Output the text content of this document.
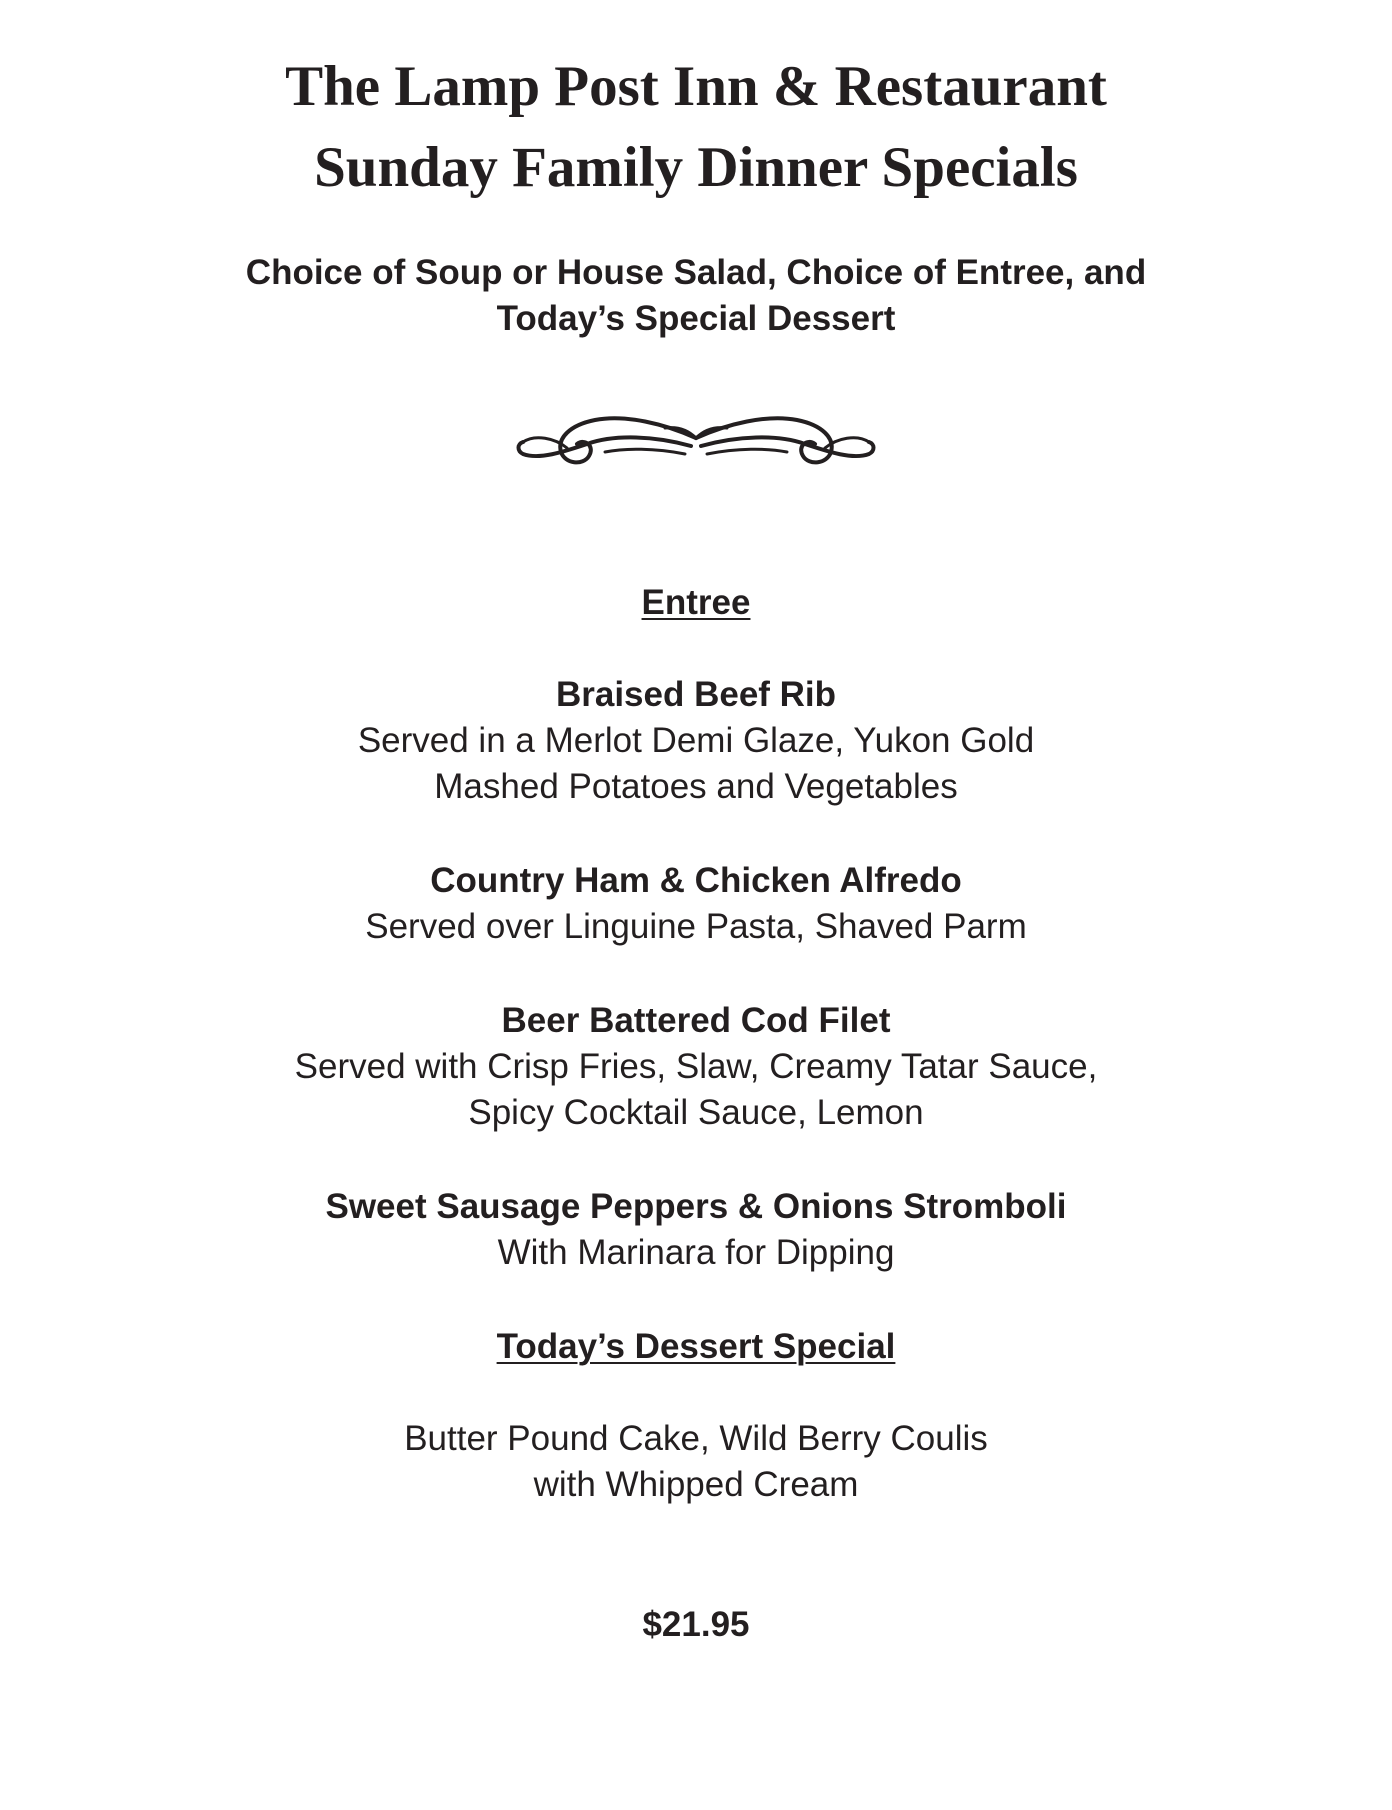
The Lamp Post Inn & Restaurant
Sunday Family Dinner Specials
Choice of Soup or House Salad, Choice of Entree, and
Today’s Special Dessert
Entree
Braised Beef Rib
Served in a Merlot Demi Glaze, Yukon Gold
Mashed Potatoes and Vegetables
Country Ham & Chicken Alfredo
Served over Linguine Pasta, Shaved Parm
Beer Battered Cod Filet
Served with Crisp Fries, Slaw, Creamy Tatar Sauce,
Spicy Cocktail Sauce, Lemon
Sweet Sausage Peppers & Onions Stromboli
With Marinara for Dipping
Today’s Dessert Special
Butter Pound Cake, Wild Berry Coulis
with Whipped Cream
$21.95
